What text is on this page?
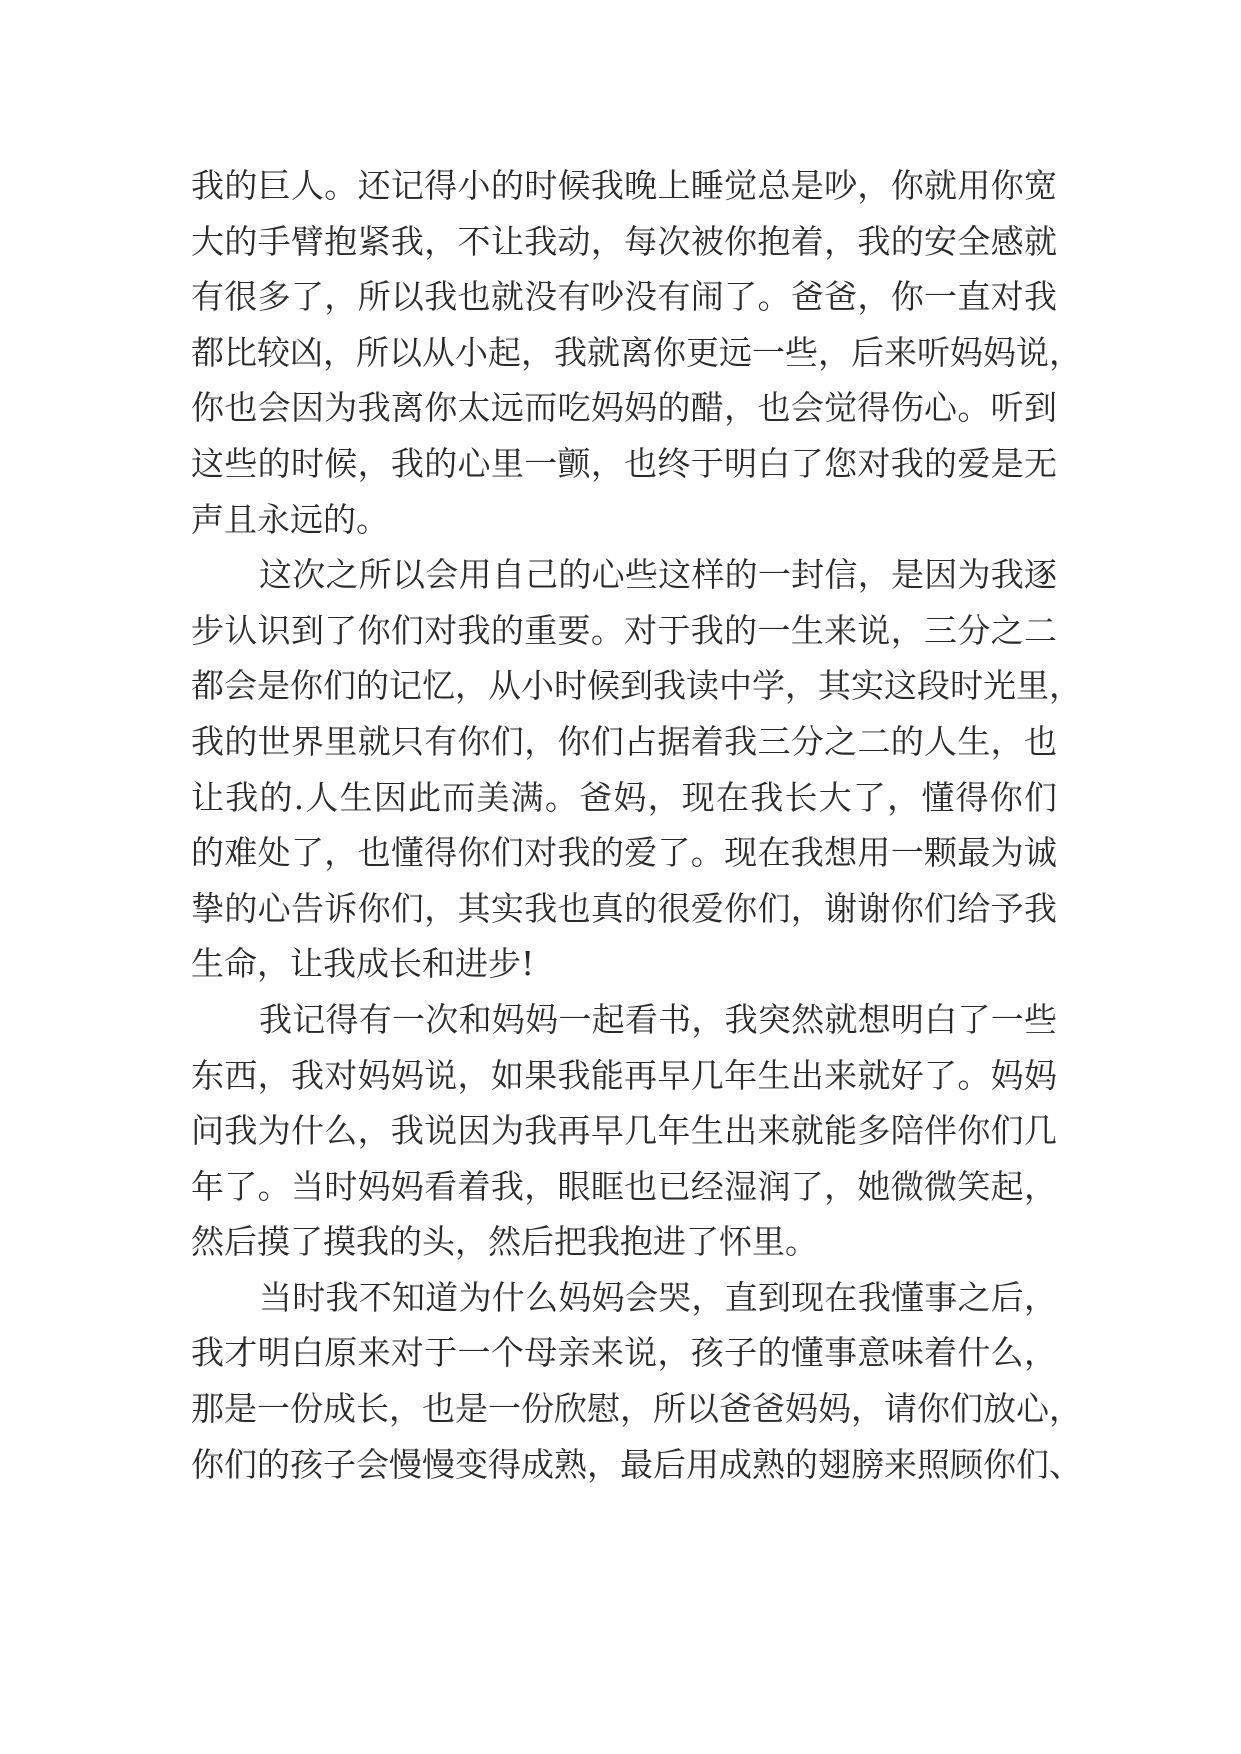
我的巨人。还记得小的时候我晚上睡觉总是吵，你就用你宽
大的手臂抱紧我，不让我动，每次被你抱着，我的安全感就
有很多了，所以我也就没有吵没有闹了。爸爸，你一直对我
都比较凶，所以从小起，我就离你更远一些，后来听妈妈说，
你也会因为我离你太远而吃妈妈的醋，也会觉得伤心。听到
这些的时候，我的心里一颤，也终于明白了您对我的爱是无
声且永远的。
这次之所以会用自己的心些这样的一封信，是因为我逐
步认识到了你们对我的重要。对于我的一生来说，三分之二
都会是你们的记忆，从小时候到我读中学，其实这段时光里，
我的世界里就只有你们，你们占据着我三分之二的人生，也
让我的.人生因此而美满。爸妈，现在我长大了，懂得你们
的难处了，也懂得你们对我的爱了。现在我想用一颗最为诚
挚的心告诉你们，其实我也真的很爱你们，谢谢你们给予我
生命，让我成长和进步!
我记得有一次和妈妈一起看书，我突然就想明白了一些
东西，我对妈妈说，如果我能再早几年生出来就好了。妈妈
问我为什么，我说因为我再早几年生出来就能多陪伴你们几
年了。当时妈妈看着我，眼眶也已经湿润了，她微微笑起，
然后摸了摸我的头，然后把我抱进了怀里。
当时我不知道为什么妈妈会哭，直到现在我懂事之后，
我才明白原来对于一个母亲来说，孩子的懂事意味着什么，
那是一份成长，也是一份欣慰，所以爸爸妈妈，请你们放心，
你们的孩子会慢慢变得成熟，最后用成熟的翅膀来照顾你们、
